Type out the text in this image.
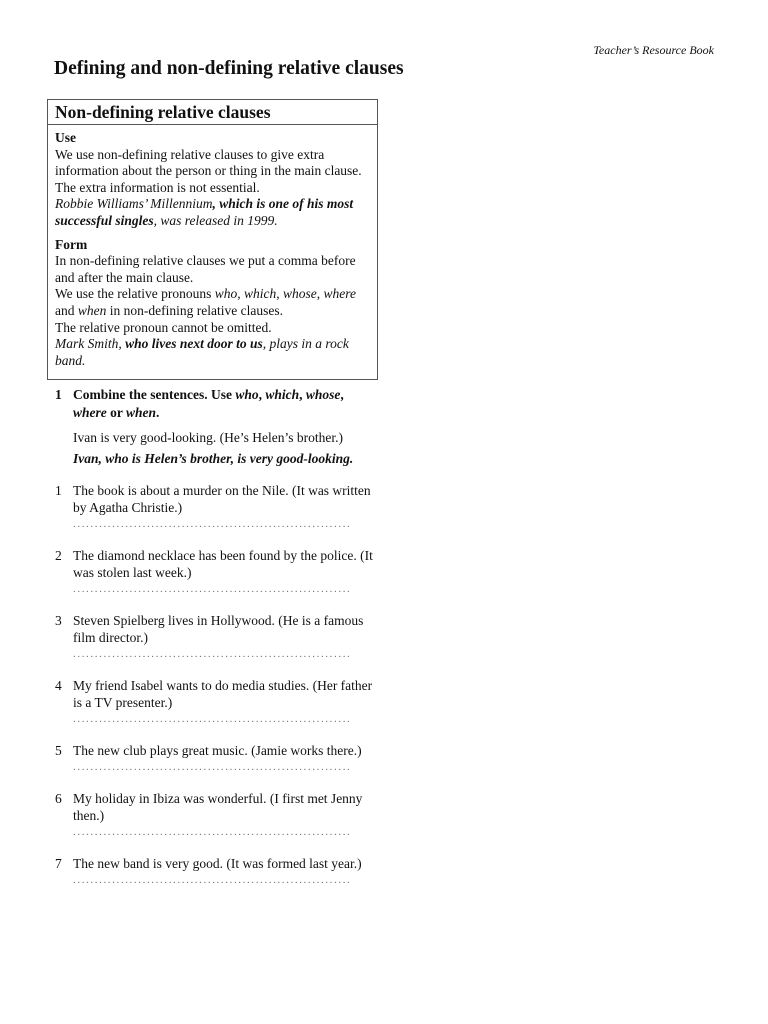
Teacher’s Resource Book
Defining and non-defining relative clauses
Non-defining relative clauses
Use
We use non-defining relative clauses to give extra information about the person or thing in the main clause. The extra information is not essential.
Robbie Williams’ Millennium, which is one of his most successful singles, was released in 1999.
Form
In non-defining relative clauses we put a comma before and after the main clause.
We use the relative pronouns who, which, whose, where and when in non-defining relative clauses.
The relative pronoun cannot be omitted.
Mark Smith, who lives next door to us, plays in a rock band.
1 Combine the sentences. Use who, which, whose, where or when.
Ivan is very good-looking. (He’s Helen’s brother.)
Ivan, who is Helen’s brother, is very good-looking.
1 The book is about a murder on the Nile. (It was written by Agatha Christie.)
................................................................
2 The diamond necklace has been found by the police. (It was stolen last week.)
................................................................
3 Steven Spielberg lives in Hollywood. (He is a famous film director.)
................................................................
4 My friend Isabel wants to do media studies. (Her father is a TV presenter.)
................................................................
5 The new club plays great music. (Jamie works there.)
................................................................
6 My holiday in Ibiza was wonderful. (I first met Jenny then.)
................................................................
7 The new band is very good. (It was formed last year.)
................................................................
